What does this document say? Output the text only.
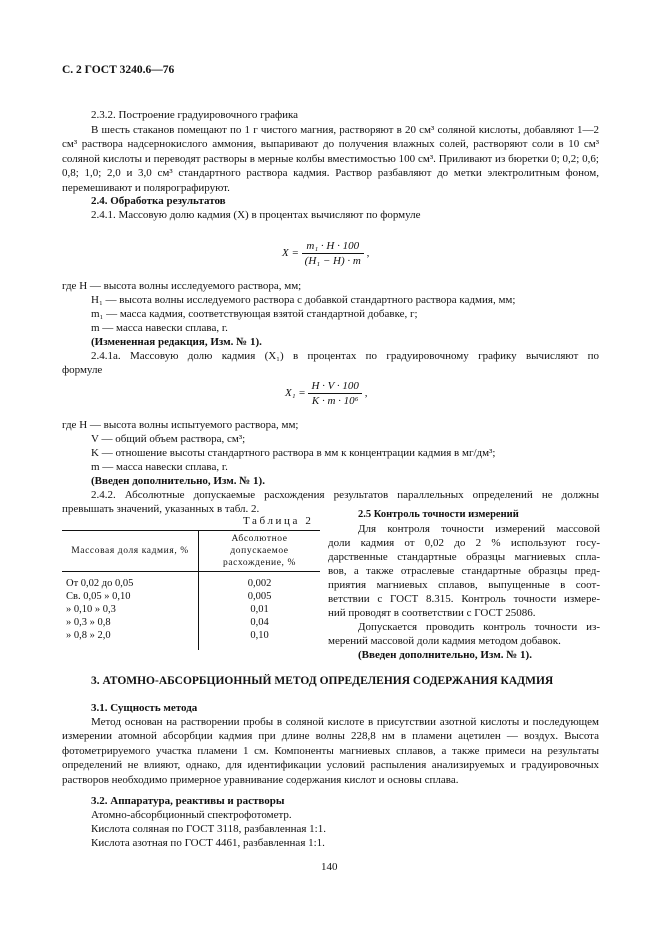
С. 2 ГОСТ 3240.6—76
2.3.2. Построение градуировочного графика
В шесть стаканов помещают по 1 г чистого магния, растворяют в 20 см³ соляной кислоты, добавляют 1—2 см³ раствора надсернокислого аммония, выпаривают до получения влажных солей, растворяют соли в 10 см³ соляной кислоты и переводят растворы в мерные колбы вместимостью 100 см³. Приливают из бюретки 0; 0,2; 0,6; 0,8; 1,0; 2,0 и 3,0 см³ стандартного раствора кадмия. Раствор разбавляют до метки электролитным фоном, перемешивают и полярографируют.
2.4. Обработка результатов
2.4.1. Массовую долю кадмия (X) в процентах вычисляют по формуле
$X = \frac{\text{m₁ · H · 100}}{\text{(H₁ − H) · m}}$ ,
где H — высота волны исследуемого раствора, мм;
H₁ — высота волны исследуемого раствора с добавкой стандартного раствора кадмия, мм;
m₁ — масса кадмия, соответствующая взятой стандартной добавке, г;
m — масса навески сплава, г.
(Измененная редакция, Изм. № 1).
2.4.1а. Массовую долю кадмия (X₁) в процентах по градуировочному графику вычисляют по
формуле
$X_1 = \frac{H \cdot V \cdot 100}{\text{K · m · 10⁶}}$ ,
где H — высота волны испытуемого раствора, мм;
V — общий объем раствора, см³;
K — отношение высоты стандартного раствора в мм к концентрации кадмия в мг/дм³;
m — масса навески сплава, г.
(Введен дополнительно, Изм. № 1).
2.4.2. Абсолютные допускаемые расхождения результатов параллельных определений не должны превышать значений, указанных в табл. 2.
Таблица 2
Массовая доля кадмия, %	Абсолютное допускаемое расхождение, %
От 0,02 до 0,05	0,002
Св. 0,05 » 0,10	0,005
» 0,10 » 0,3	0,01
» 0,3 » 0,8	0,04
» 0,8 » 2,0	0,10
2.5 Контроль точности измерений
Для контроля точности измерений массовой
доли кадмия от 0,02 до 2 % используют госу-
дарственные стандартные образцы магниевых спла-
вов, а также отраслевые стандартные образцы пред-
приятия магниевых сплавов, выпущенные в соот-
ветствии с ГОСТ 8.315. Контроль точности измере-
ний проводят в соответствии с ГОСТ 25086.
Допускается проводить контроль точности из-
мерений массовой доли кадмия методом добавок.
(Введен дополнительно, Изм. № 1).
3. АТОМНО-АБСОРБЦИОННЫЙ МЕТОД ОПРЕДЕЛЕНИЯ СОДЕРЖАНИЯ КАДМИЯ
3.1. Сущность метода
Метод основан на растворении пробы в соляной кислоте в присутствии азотной кислоты и последующем измерении атомной абсорбции кадмия при длине волны 228,8 нм в пламени ацетилен — воздух. Высота фотометрируемого участка пламени 1 см. Компоненты магниевых сплавов, а также примеси на результаты определений не влияют, однако, для идентификации условий распыления анализируемых и градуировочных растворов необходимо примерное уравнивание содержания кислот и основы сплава.
3.2. Аппаратура, реактивы и растворы
Атомно-абсорбционный спектрофотометр.
Кислота соляная по ГОСТ 3118, разбавленная 1:1.
Кислота азотная по ГОСТ 4461, разбавленная 1:1.
140
